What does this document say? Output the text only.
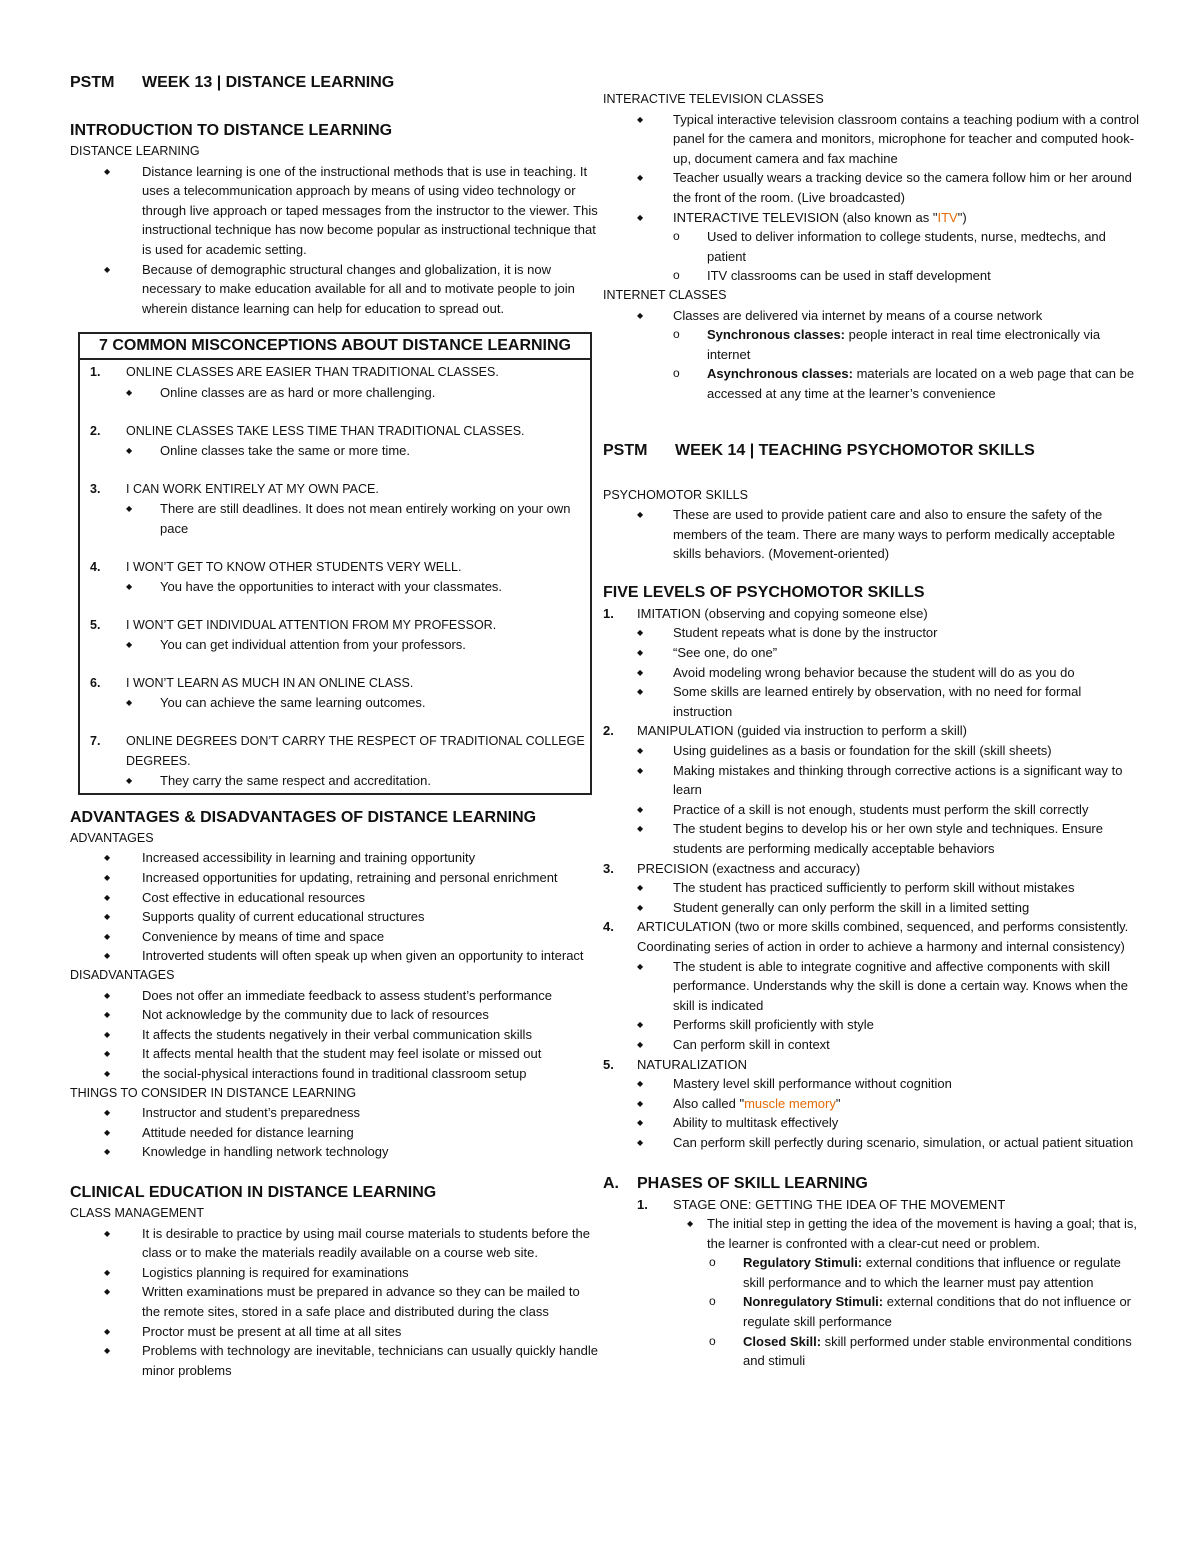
PSTM WEEK 13 | DISTANCE LEARNING
INTRODUCTION TO DISTANCE LEARNING
DISTANCE LEARNING
◆ Distance learning is one of the instructional methods that is use in teaching. It uses a telecommunication approach by means of using video technology or through live approach or taped messages from the instructor to the viewer. This instructional technique has now become popular as instructional technique that is used for academic setting.
◆ Because of demographic structural changes and globalization, it is now necessary to make education available for all and to motivate people to join wherein distance learning can help for education to spread out.
7 COMMON MISCONCEPTIONS ABOUT DISTANCE LEARNING
1. ONLINE CLASSES ARE EASIER THAN TRADITIONAL CLASSES.
◆ Online classes are as hard or more challenging.
2. ONLINE CLASSES TAKE LESS TIME THAN TRADITIONAL CLASSES.
◆ Online classes take the same or more time.
3. I CAN WORK ENTIRELY AT MY OWN PACE.
◆ There are still deadlines. It does not mean entirely working on your own pace
4. I WON’T GET TO KNOW OTHER STUDENTS VERY WELL.
◆ You have the opportunities to interact with your classmates.
5. I WON’T GET INDIVIDUAL ATTENTION FROM MY PROFESSOR.
◆ You can get individual attention from your professors.
6. I WON’T LEARN AS MUCH IN AN ONLINE CLASS.
◆ You can achieve the same learning outcomes.
7. ONLINE DEGREES DON’T CARRY THE RESPECT OF TRADITIONAL COLLEGE DEGREES.
◆ They carry the same respect and accreditation.
ADVANTAGES & DISADVANTAGES OF DISTANCE LEARNING
ADVANTAGES
◆ Increased accessibility in learning and training opportunity
◆ Increased opportunities for updating, retraining and personal enrichment
◆ Cost effective in educational resources
◆ Supports quality of current educational structures
◆ Convenience by means of time and space
◆ Introverted students will often speak up when given an opportunity to interact
DISADVANTAGES
◆ Does not offer an immediate feedback to assess student’s performance
◆ Not acknowledge by the community due to lack of resources
◆ It affects the students negatively in their verbal communication skills
◆ It affects mental health that the student may feel isolate or missed out
◆ the social-physical interactions found in traditional classroom setup
THINGS TO CONSIDER IN DISTANCE LEARNING
◆ Instructor and student’s preparedness
◆ Attitude needed for distance learning
◆ Knowledge in handling network technology
CLINICAL EDUCATION IN DISTANCE LEARNING
CLASS MANAGEMENT
◆ It is desirable to practice by using mail course materials to students before the class or to make the materials readily available on a course web site.
◆ Logistics planning is required for examinations
◆ Written examinations must be prepared in advance so they can be mailed to the remote sites, stored in a safe place and distributed during the class
◆ Proctor must be present at all time at all sites
◆ Problems with technology are inevitable, technicians can usually quickly handle minor problems
INTERACTIVE TELEVISION CLASSES
◆ Typical interactive television classroom contains a teaching podium with a control panel for the camera and monitors, microphone for teacher and computed hook-up, document camera and fax machine
◆ Teacher usually wears a tracking device so the camera follow him or her around the front of the room. (Live broadcasted)
◆ INTERACTIVE TELEVISION (also known as "ITV")
o Used to deliver information to college students, nurse, medtechs, and patient
o ITV classrooms can be used in staff development
INTERNET CLASSES
◆ Classes are delivered via internet by means of a course network
o Synchronous classes: people interact in real time electronically via internet
o Asynchronous classes: materials are located on a web page that can be accessed at any time at the learner’s convenience
PSTM WEEK 14 | TEACHING PSYCHOMOTOR SKILLS
PSYCHOMOTOR SKILLS
◆ These are used to provide patient care and also to ensure the safety of the members of the team. There are many ways to perform medically acceptable skills behaviors. (Movement-oriented)
FIVE LEVELS OF PSYCHOMOTOR SKILLS
1. IMITATION (observing and copying someone else)
◆ Student repeats what is done by the instructor
◆ “See one, do one”
◆ Avoid modeling wrong behavior because the student will do as you do
◆ Some skills are learned entirely by observation, with no need for formal instruction
2. MANIPULATION (guided via instruction to perform a skill)
◆ Using guidelines as a basis or foundation for the skill (skill sheets)
◆ Making mistakes and thinking through corrective actions is a significant way to learn
◆ Practice of a skill is not enough, students must perform the skill correctly
◆ The student begins to develop his or her own style and techniques. Ensure students are performing medically acceptable behaviors
3. PRECISION (exactness and accuracy)
◆ The student has practiced sufficiently to perform skill without mistakes
◆ Student generally can only perform the skill in a limited setting
4. ARTICULATION (two or more skills combined, sequenced, and performs consistently. Coordinating series of action in order to achieve a harmony and internal consistency)
◆ The student is able to integrate cognitive and affective components with skill performance. Understands why the skill is done a certain way. Knows when the skill is indicated
◆ Performs skill proficiently with style
◆ Can perform skill in context
5. NATURALIZATION
◆ Mastery level skill performance without cognition
◆ Also called "muscle memory"
◆ Ability to multitask effectively
◆ Can perform skill perfectly during scenario, simulation, or actual patient situation
A. PHASES OF SKILL LEARNING
1. STAGE ONE: GETTING THE IDEA OF THE MOVEMENT
◆ The initial step in getting the idea of the movement is having a goal; that is, the learner is confronted with a clear-cut need or problem.
o Regulatory Stimuli: external conditions that influence or regulate skill performance and to which the learner must pay attention
o Nonregulatory Stimuli: external conditions that do not influence or regulate skill performance
o Closed Skill: skill performed under stable environmental conditions and stimuli
